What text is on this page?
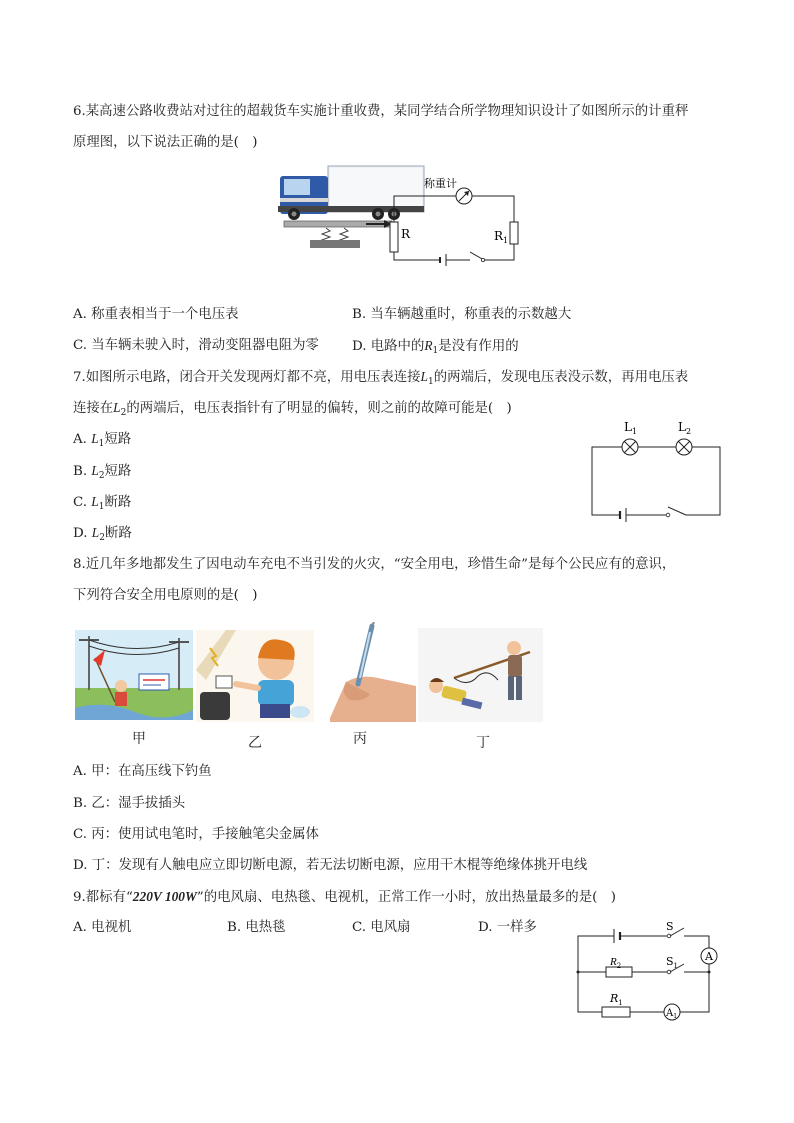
6.某高速公路收费站对过往的超载货车实施计重收费，某同学结合所学物理知识设计了如图所示的计重秤
原理图，以下说法正确的是(　)
R
称重计
$R_1$
A. 称重表相当于一个电压表	B. 当车辆越重时，称重表的示数越大
C. 当车辆未驶入时，滑动变阻器电阻为零 D. 电路中的$R_1$是没有作用的
7.如图所示电路，闭合开关发现两灯都不亮，用电压表连接$L_1$的两端后，发现电压表没示数，再用电压表
连接在$L_2$的两端后，电压表指针有了明显的偏转，则之前的故障可能是(　)
A. $L_1$短路
B. $L_2$短路
C. $L_1$断路
D. $L_2$断路
$L_1$	$L_2$
8.近几年多地都发生了因电动车充电不当引发的火灾，“安全用电，珍惜生命”是每个公民应有的意识，
下列符合安全用电原则的是(　)
甲	乙	丙	丁
A. 甲：在高压线下钓鱼
B. 乙：湿手拔插头
C. 丙：使用试电笔时，手接触笔尖金属体
D. 丁：发现有人触电应立即切断电源，若无法切断电源，应用干木棍等绝缘体挑开电线
9.都标有“220V 100W”的电风扇、电热毯、电视机，正常工作一小时，放出热量最多的是(　)
A. 电视机	B. 电热毯	C. 电风扇	D. 一样多	S
A
$R_2$	$S_1$
$R_1$
$A_1$
